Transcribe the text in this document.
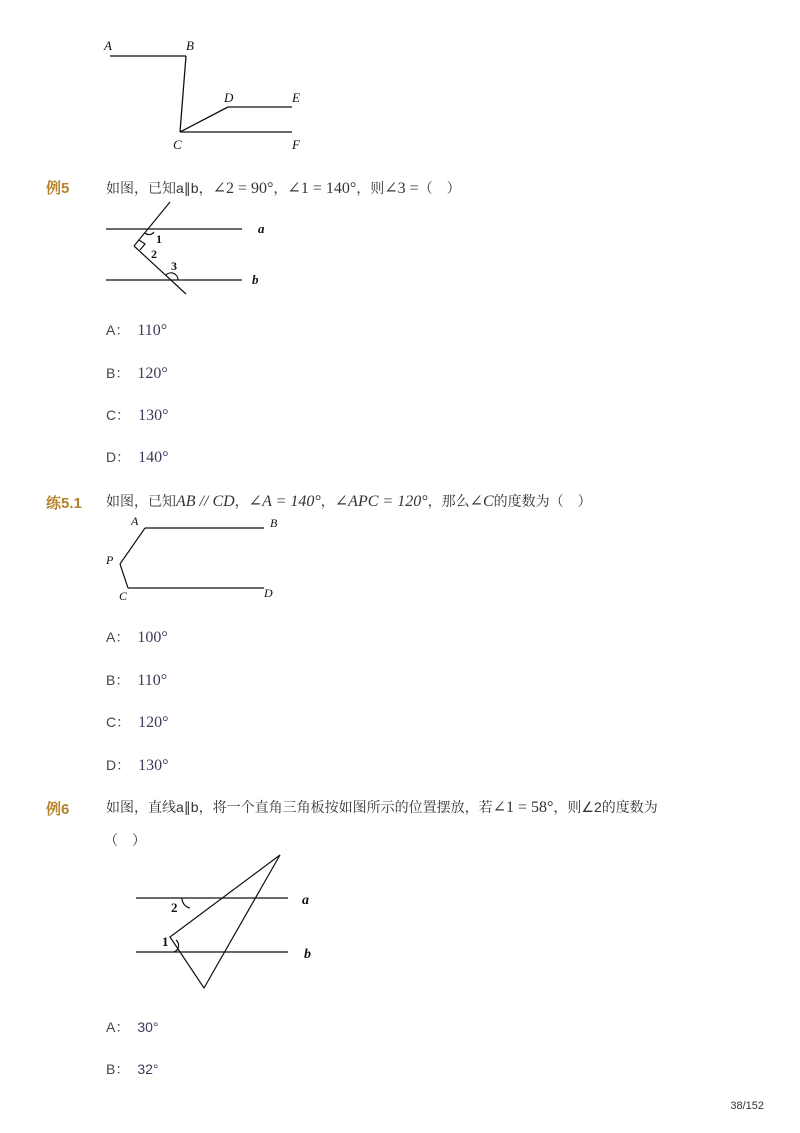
A	B
C
D	E
F
例5	如图，已知a∥b，∠2 = 90°，∠1 = 140°，则∠3 =（　）
1
2
3
a
b
A： 110°
B： 120°
C： 130°
D： 140°
练5.1 如图，已知AB // CD，∠A = 140°，∠APC = 120°，那么∠C的度数为（　）
A	B
P
C	D
A： 100°
B： 110°
C： 120°
D： 130°
例6	如图，直线a∥b，将一个直角三角板按如图所示的位置摆放，若∠1 = 58°，则∠2的度数为
（　）
2
1
a
b
A： 30°
B： 32°
38/152
